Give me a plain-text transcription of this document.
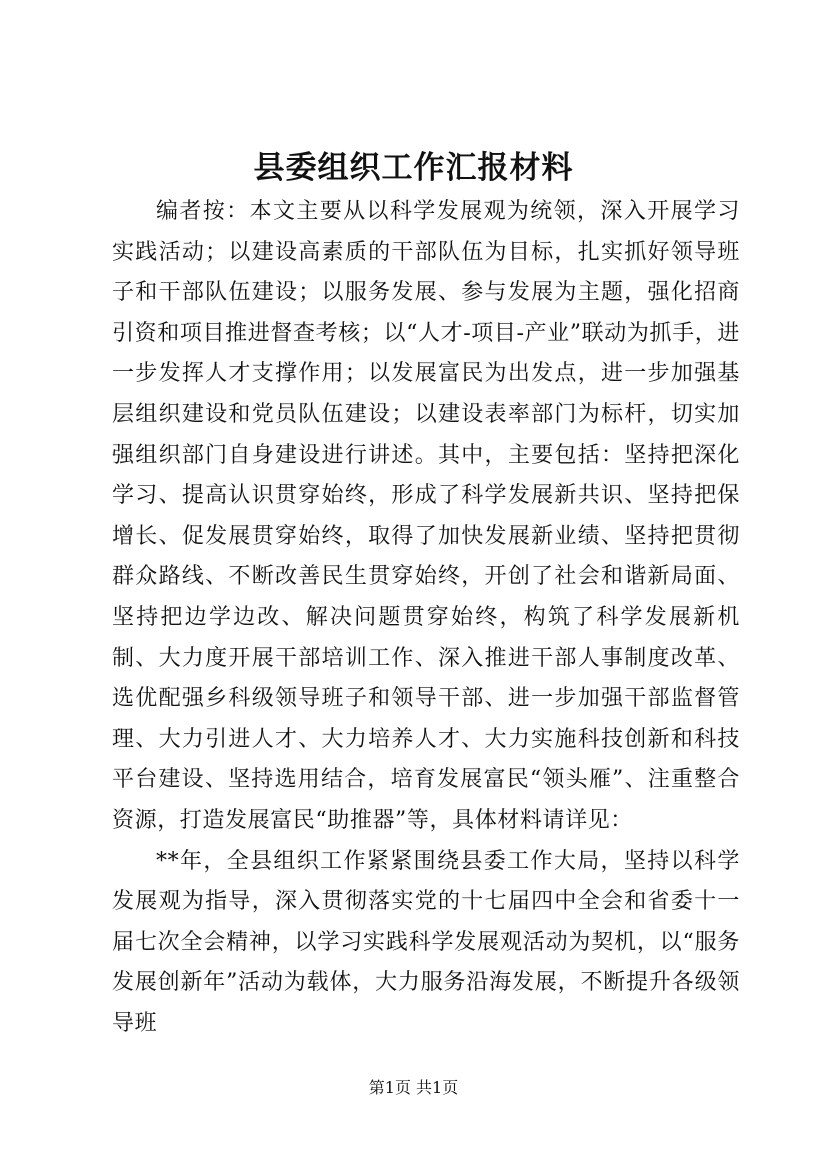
县委组织工作汇报材料

编者按：本文主要从以科学发展观为统领，深入开展学习实践活动；以建设高素质的干部队伍为目标，扎实抓好领导班子和干部队伍建设；以服务发展、参与发展为主题，强化招商引资和项目推进督查考核；以“人才-项目-产业”联动为抓手，进一步发挥人才支撑作用；以发展富民为出发点，进一步加强基层组织建设和党员队伍建设；以建设表率部门为标杆，切实加强组织部门自身建设进行讲述。其中，主要包括：坚持把深化学习、提高认识贯穿始终，形成了科学发展新共识、坚持把保增长、促发展贯穿始终，取得了加快发展新业绩、坚持把贯彻群众路线、不断改善民生贯穿始终，开创了社会和谐新局面、坚持把边学边改、解决问题贯穿始终，构筑了科学发展新机制、大力度开展干部培训工作、深入推进干部人事制度改革、选优配强乡科级领导班子和领导干部、进一步加强干部监督管理、大力引进人才、大力培养人才、大力实施科技创新和科技平台建设、坚持选用结合，培育发展富民“领头雁”、注重整合资源，打造发展富民“助推器”等，具体材料请详见：

**年，全县组织工作紧紧围绕县委工作大局，坚持以科学发展观为指导，深入贯彻落实党的十七届四中全会和省委十一届七次全会精神，以学习实践科学发展观活动为契机，以“服务发展创新年”活动为载体，大力服务沿海发展，不断提升各级领导班

第1页 共1页
